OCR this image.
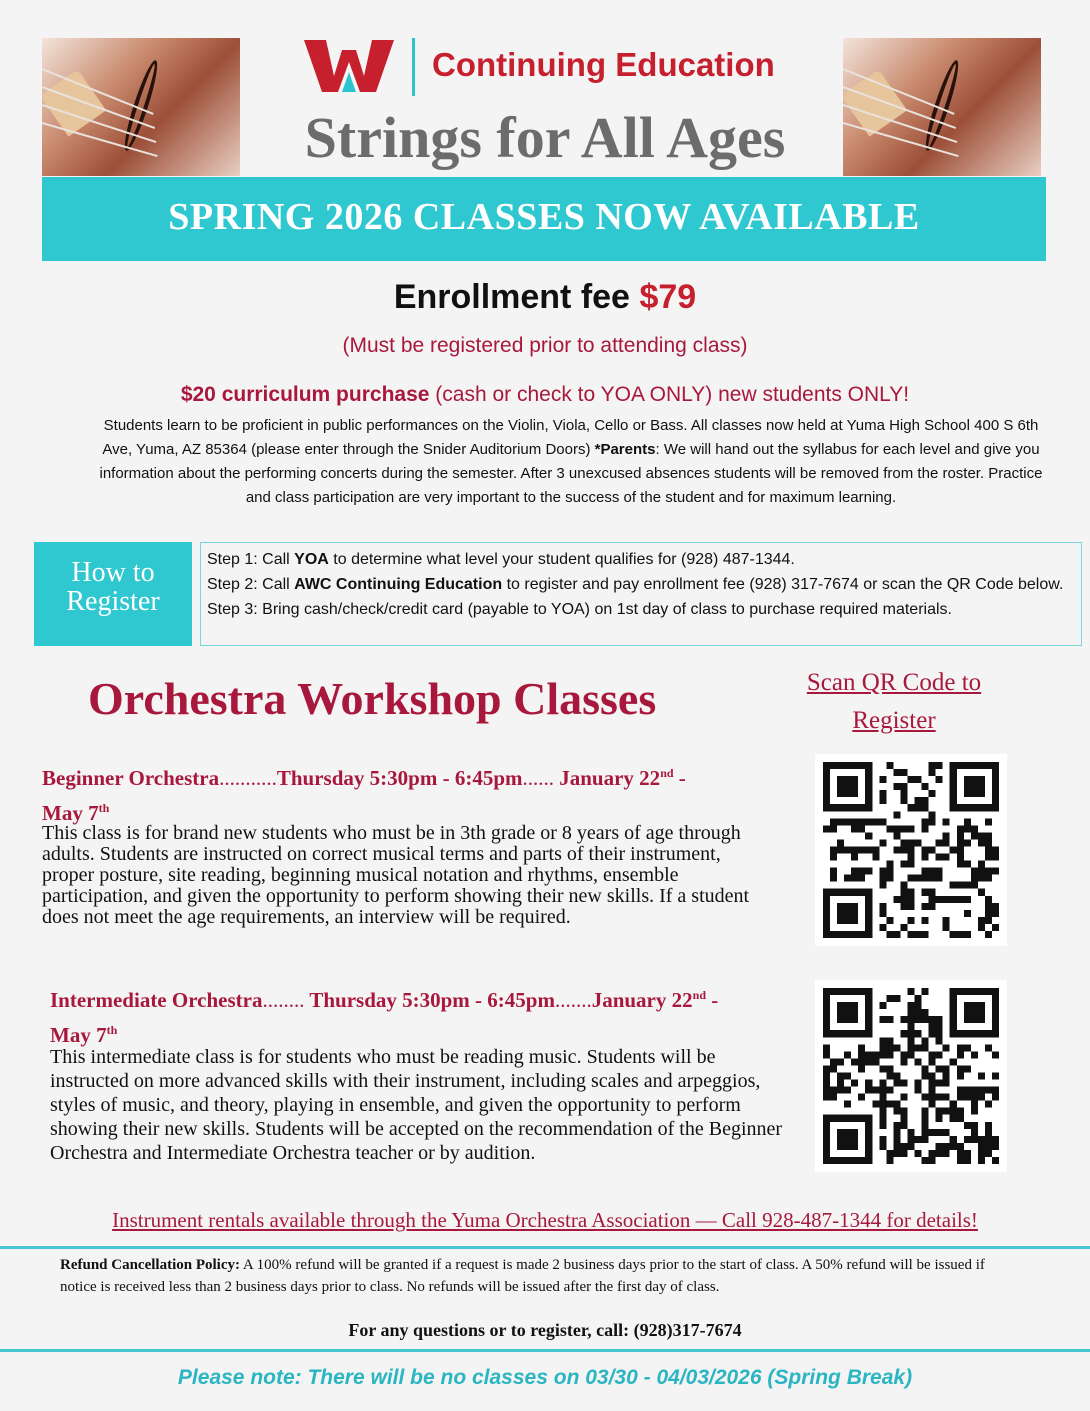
Continuing Education
Strings for All Ages
SPRING 2026 CLASSES NOW AVAILABLE
Enrollment fee $79
(Must be registered prior to attending class)
$20 curriculum purchase (cash or check to YOA ONLY) new students ONLY!
Students learn to be proficient in public performances on the Violin, Viola, Cello or Bass. All classes now held at Yuma High School 400 S 6th Ave, Yuma, AZ 85364 (please enter through the Snider Auditorium Doors) *Parents: We will hand out the syllabus for each level and give you information about the performing concerts during the semester. After 3 unexcused absences students will be removed from the roster. Practice and class participation are very important to the success of the student and for maximum learning.
How to
Register
Step 1: Call YOA to determine what level your student qualifies for (928) 487-1344.
Step 2: Call AWC Continuing Education to register and pay enrollment fee (928) 317-7674 or scan the QR Code below.
Step 3: Bring cash/check/credit card (payable to YOA) on 1st day of class to purchase required materials.
Orchestra Workshop Classes	Scan QR Code to
Register
Beginner Orchestra...........Thursday 5:30pm - 6:45pm...... January 22nd -
May 7th
This class is for brand new students who must be in 3th grade or 8 years of age through adults. Students are instructed on correct musical terms and parts of their instrument, proper posture, site reading, beginning musical notation and rhythms, ensemble participation, and given the opportunity to perform showing their new skills. If a student does not meet the age requirements, an interview will be required.
Intermediate Orchestra........ Thursday 5:30pm - 6:45pm.......January 22nd -
May 7th
This intermediate class is for students who must be reading music. Students will be instructed on more advanced skills with their instrument, including scales and arpeggios, styles of music, and theory, playing in ensemble, and given the opportunity to perform showing their new skills. Students will be accepted on the recommendation of the Beginner Orchestra and Intermediate Orchestra teacher or by audition.
Instrument rentals available through the Yuma Orchestra Association — Call 928-487-1344 for details!
Refund Cancellation Policy: A 100% refund will be granted if a request is made 2 business days prior to the start of class. A 50% refund will be issued if notice is received less than 2 business days prior to class. No refunds will be issued after the first day of class.
For any questions or to register, call: (928)317-7674
Please note: There will be no classes on 03/30 - 04/03/2026 (Spring Break)
